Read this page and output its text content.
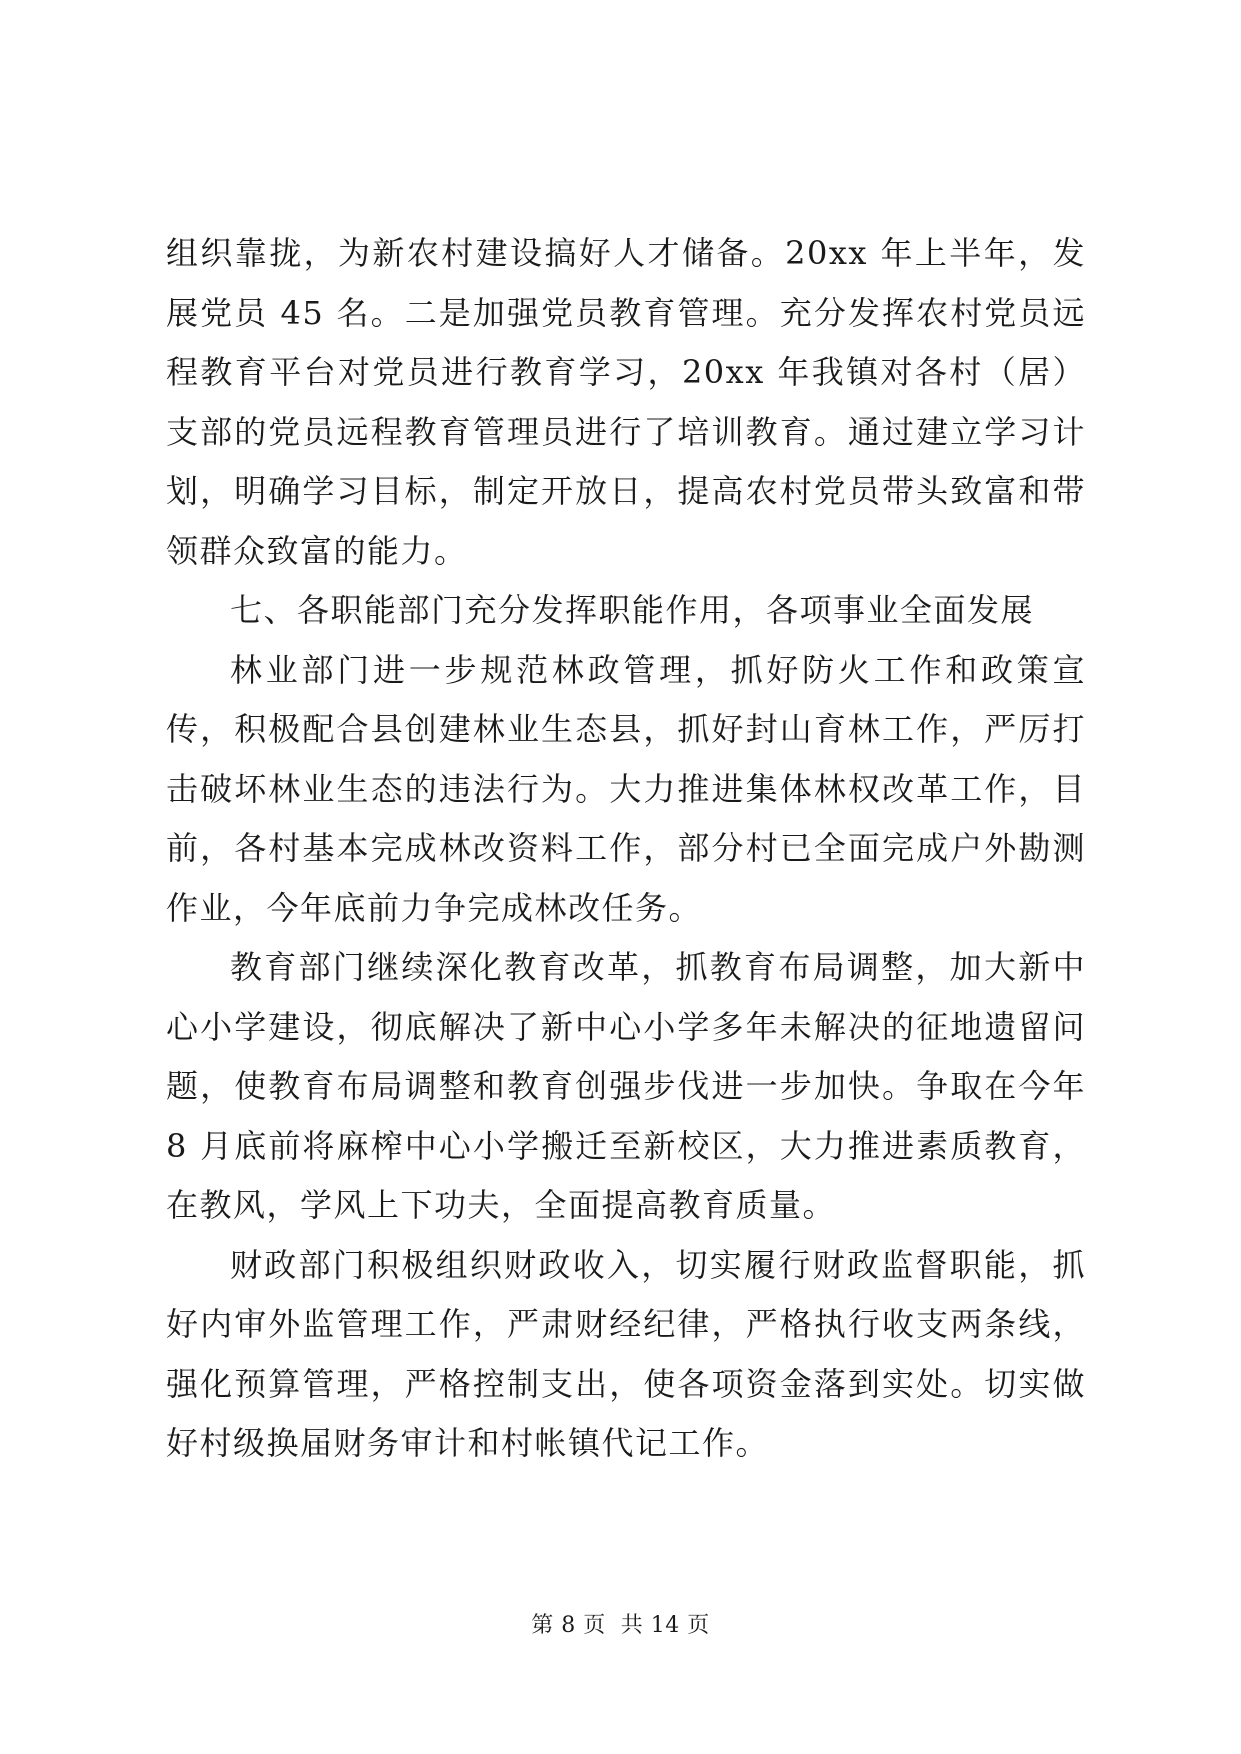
组织靠拢，为新农村建设搞好人才储备。20xx 年上半年，发展党员 45 名。二是加强党员教育管理。充分发挥农村党员远程教育平台对党员进行教育学习，20xx 年我镇对各村（居）支部的党员远程教育管理员进行了培训教育。通过建立学习计划，明确学习目标，制定开放日，提高农村党员带头致富和带领群众致富的能力。

七、各职能部门充分发挥职能作用，各项事业全面发展

林业部门进一步规范林政管理，抓好防火工作和政策宣传，积极配合县创建林业生态县，抓好封山育林工作，严厉打击破坏林业生态的违法行为。大力推进集体林权改革工作，目前，各村基本完成林改资料工作，部分村已全面完成户外勘测作业，今年底前力争完成林改任务。

教育部门继续深化教育改革，抓教育布局调整，加大新中心小学建设，彻底解决了新中心小学多年未解决的征地遗留问题，使教育布局调整和教育创强步伐进一步加快。争取在今年 8 月底前将麻榨中心小学搬迁至新校区，大力推进素质教育，在教风，学风上下功夫，全面提高教育质量。

财政部门积极组织财政收入，切实履行财政监督职能，抓好内审外监管理工作，严肃财经纪律，严格执行收支两条线，强化预算管理，严格控制支出，使各项资金落到实处。切实做好村级换届财务审计和村帐镇代记工作。

第 8 页  共 14 页
